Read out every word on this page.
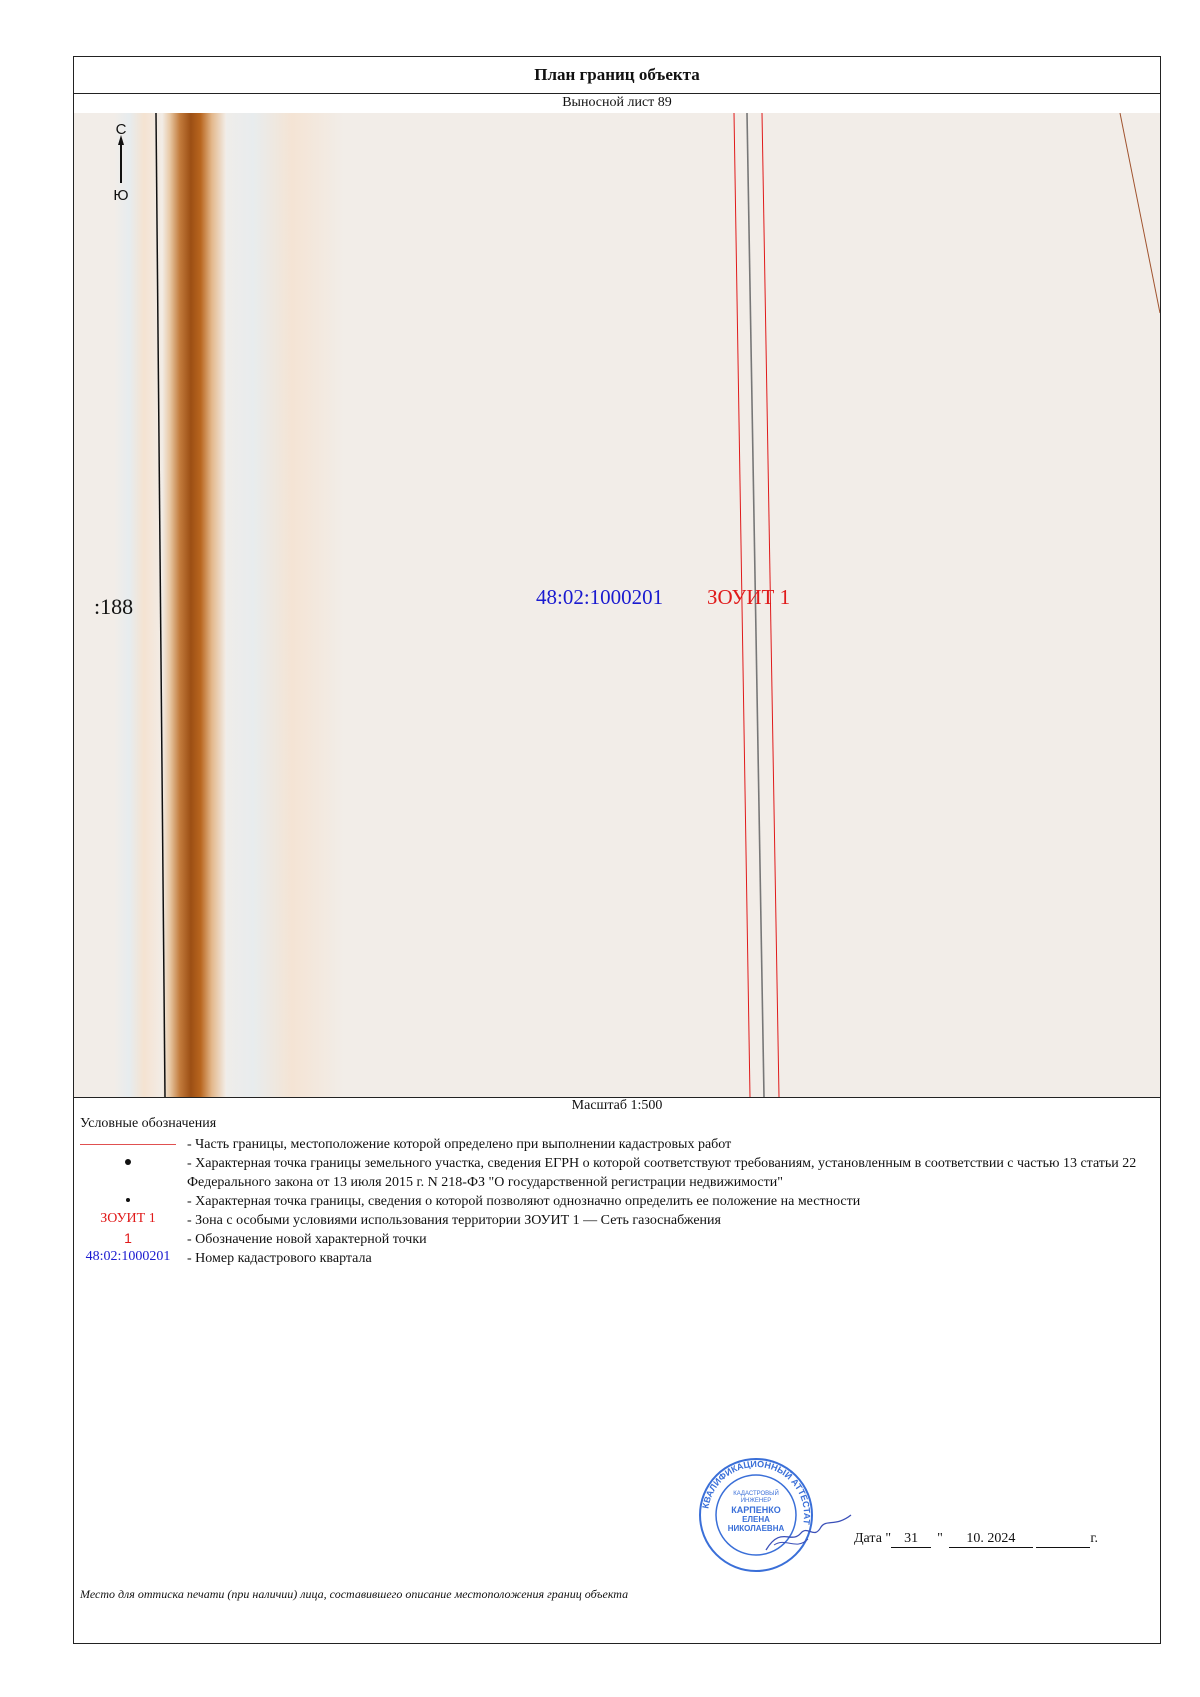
План границ объекта
Выносной лист 89
:188	48:02:1000201 ЗОУИТ 1
С
Ю
Масштаб 1:500
Условные обозначения
- Часть границы, местоположение которой определено при выполнении кадастровых работ
- Характерная точка границы земельного участка, сведения ЕГРН о которой соответствуют требованиям, установленным в соответствии с частью 13 статьи 22 Федерального закона от 13 июля 2015 г. N 218-ФЗ "О государственной регистрации недвижимости"
- Характерная точка границы, сведения о которой позволяют однозначно определить ее положение на местности
ЗОУИТ 1	- Зона с особыми условиями использования территории ЗОУИТ 1 — Сеть газоснабжения
1	- Обозначение новой характерной точки
48:02:1000201	- Номер кадастрового квартала
КВАЛИФИКАЦИОННЫЙ АТТЕСТАТ
КАДАСТРОВЫЙ
ИНЖЕНЕР
КАРПЕНКО
ЕЛЕНА
НИКОЛАЕВНА
Дата " 31 " 10. 2024	г.
Место для оттиска печати (при наличии) лица, составившего описание местоположения границ объекта
